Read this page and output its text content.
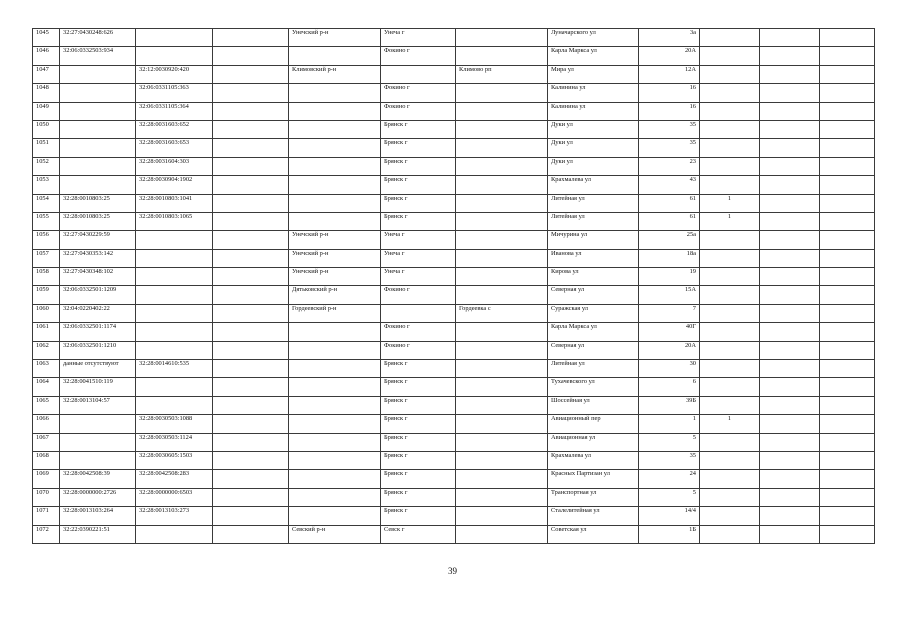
1045	32:27:0430248:626			Унечский р-н	Унеча г		Луначарского ул	3а			
1046	32:06:0332503:934				Фокино г		Карла Маркса ул	20А			
1047		32:12:0030920:420		Климовский р-н		Климово рп	Мира ул	12А			
1048		32:06:0331105:363			Фокино г		Калинина ул	16			
1049		32:06:0331105:364			Фокино г		Калинина ул	16			
1050		32:28:0031603:652			Брянск г		Дуки ул	35			
1051		32:28:0031603:653			Брянск г		Дуки ул	35			
1052		32:28:0031604:303			Брянск г		Дуки ул	23			
1053		32:28:0030904:1902			Брянск г		Крахмалева ул	43			
1054	32:28:0010803:25	32:28:0010803:1041			Брянск г		Литейная ул	61	1		
1055	32:28:0010803:25	32:28:0010803:1065			Брянск г		Литейная ул	61	1		
1056	32:27:0430229:59			Унечский р-н	Унеча г		Мичурина ул	25а			
1057	32:27:0430353:142			Унечский р-н	Унеча г		Иванова ул	18а			
1058	32:27:0430348:102			Унечский р-н	Унеча г		Кирова ул	19			
1059	32:06:0332501:1209			Дятьковский р-н	Фокино г		Северная ул	15А			
1060	32:04:0220402:22			Гордеевский р-н		Гордеевка с	Суражская ул	7			
1061	32:06:0332501:1174				Фокино г		Карла Маркса ул	40Г			
1062	32:06:0332501:1210				Фокино г		Северная ул	20А			
1063	данные отсутствуют	32:28:0014610:535			Брянск г		Литейная ул	30			
1064	32:28:0041510:119				Брянск г		Тухачевского ул	6			
1065	32:28:0013104:57				Брянск г		Шоссейная ул	39Б			
1066		32:28:0030503:1088			Брянск г		Авиационный пер	1	1		
1067		32:28:0030503:1124			Брянск г		Авиационная ул	5			
1068		32:28:0030605:1503			Брянск г		Крахмалева ул	35			
1069	32:28:0042508:39	32:28:0042508:283			Брянск г		Красных Партизан ул	24			
1070	32:28:0000000:2726	32:28:0000000:6503			Брянск г		Транспортная ул	5			
1071	32:28:0013103:264	32:28:0013103:273			Брянск г		Сталелитейная ул	14/4			
1072	32:22:0390221:51			Севский р-н	Севск г		Советская ул	1Б			
39
